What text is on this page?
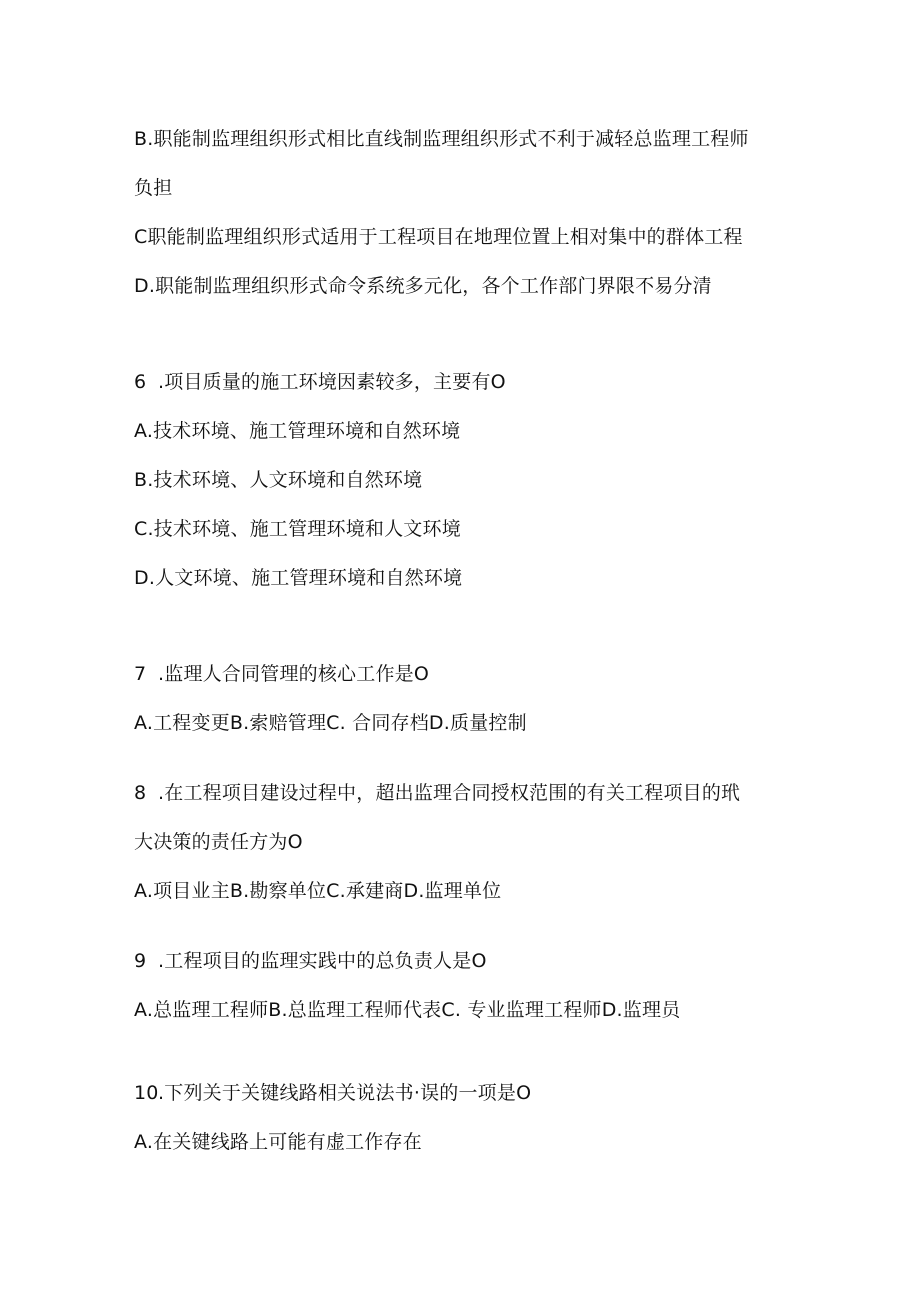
B.职能制监理组织形式相比直线制监理组织形式不利于减轻总监理工程师
负担
C职能制监理组织形式适用于工程项目在地理位置上相对集中的群体工程
D.职能制监理组织形式命令系统多元化，各个工作部门界限不易分清
6 .项目质量的施工环境因素较多，主要有O
A.技术环境、施工管理环境和自然环境
B.技术环境、人文环境和自然环境
C.技术环境、施工管理环境和人文环境
D.人文环境、施工管理环境和自然环境
7 .监理人合同管理的核心工作是O
A.工程变更B.索赔管理C. 合同存档D.质量控制
8 .在工程项目建设过程中，超出监理合同授权范围的有关工程项目的玳
大决策的责任方为O
A.项目业主B.勘察单位C.承建商D.监理单位
9 .工程项目的监理实践中的总负责人是O
A.总监理工程师B.总监理工程师代表C. 专业监理工程师D.监理员
10.下列关于关键线路相关说法书·误的一项是O
A.在关键线路上可能有虚工作存在
